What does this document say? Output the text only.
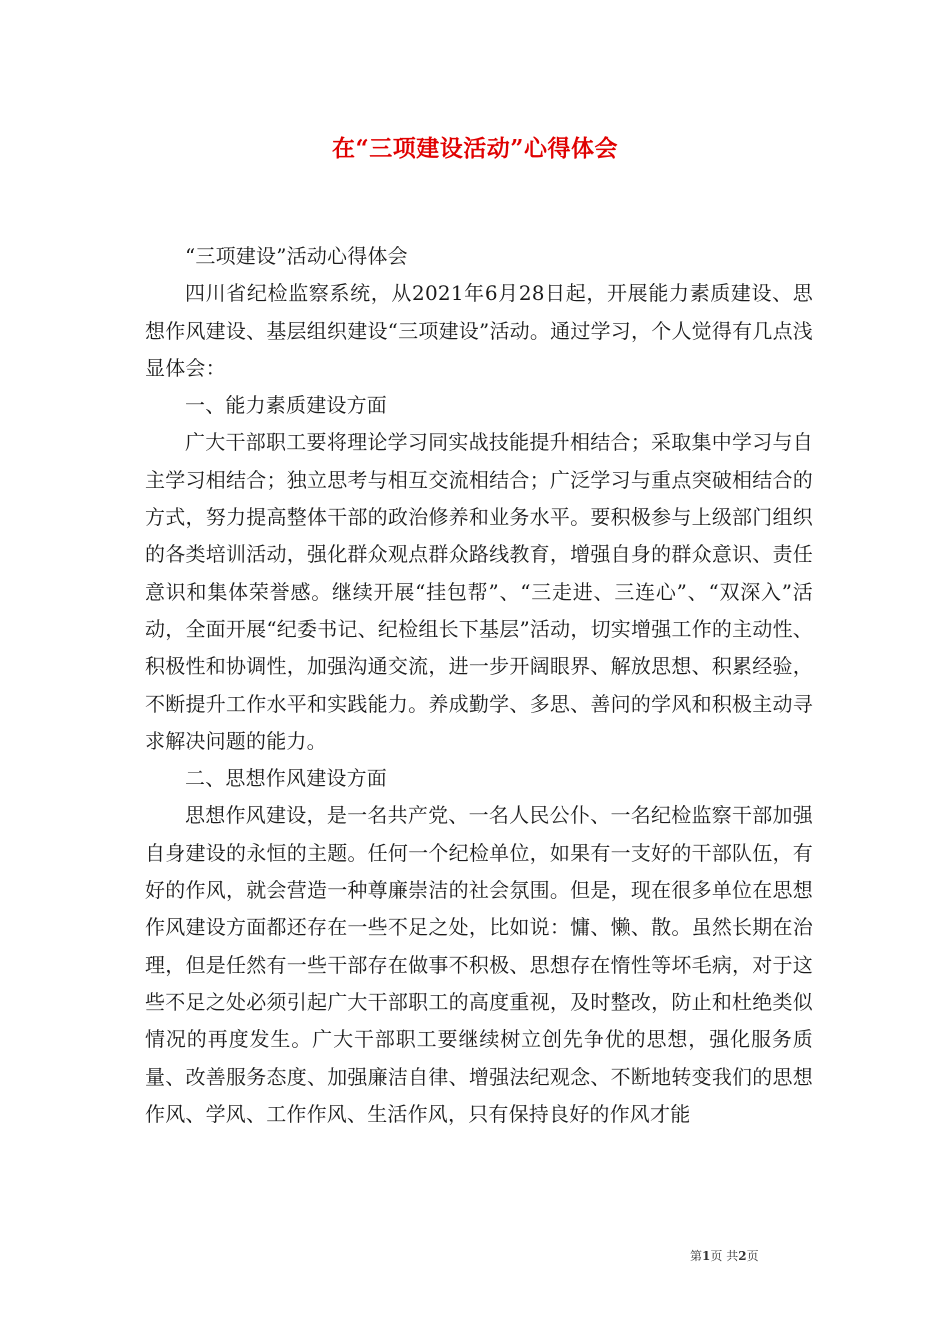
在“三项建设活动”心得体会

“三项建设”活动心得体会

四川省纪检监察系统，从2021年6月28日起，开展能力素质建设、思想作风建设、基层组织建设“三项建设”活动。通过学习，个人觉得有几点浅显体会：

一、能力素质建设方面

广大干部职工要将理论学习同实战技能提升相结合；采取集中学习与自主学习相结合；独立思考与相互交流相结合；广泛学习与重点突破相结合的方式，努力提高整体干部的政治修养和业务水平。要积极参与上级部门组织的各类培训活动，强化群众观点群众路线教育，增强自身的群众意识、责任意识和集体荣誉感。继续开展“挂包帮”、“三走进、三连心”、“双深入”活动，全面开展“纪委书记、纪检组长下基层”活动，切实增强工作的主动性、积极性和协调性，加强沟通交流，进一步开阔眼界、解放思想、积累经验，不断提升工作水平和实践能力。养成勤学、多思、善问的学风和积极主动寻求解决问题的能力。

二、思想作风建设方面

思想作风建设，是一名共产党、一名人民公仆、一名纪检监察干部加强自身建设的永恒的主题。任何一个纪检单位，如果有一支好的干部队伍，有好的作风，就会营造一种尊廉崇洁的社会氛围。但是，现在很多单位在思想作风建设方面都还存在一些不足之处，比如说：慵、懒、散。虽然长期在治理，但是任然有一些干部存在做事不积极、思想存在惰性等坏毛病，对于这些不足之处必须引起广大干部职工的高度重视，及时整改，防止和杜绝类似情况的再度发生。广大干部职工要继续树立创先争优的思想，强化服务质量、改善服务态度、加强廉洁自律、增强法纪观念、不断地转变我们的思想作风、学风、工作作风、生活作风，只有保持良好的作风才能

第1页 共2页
